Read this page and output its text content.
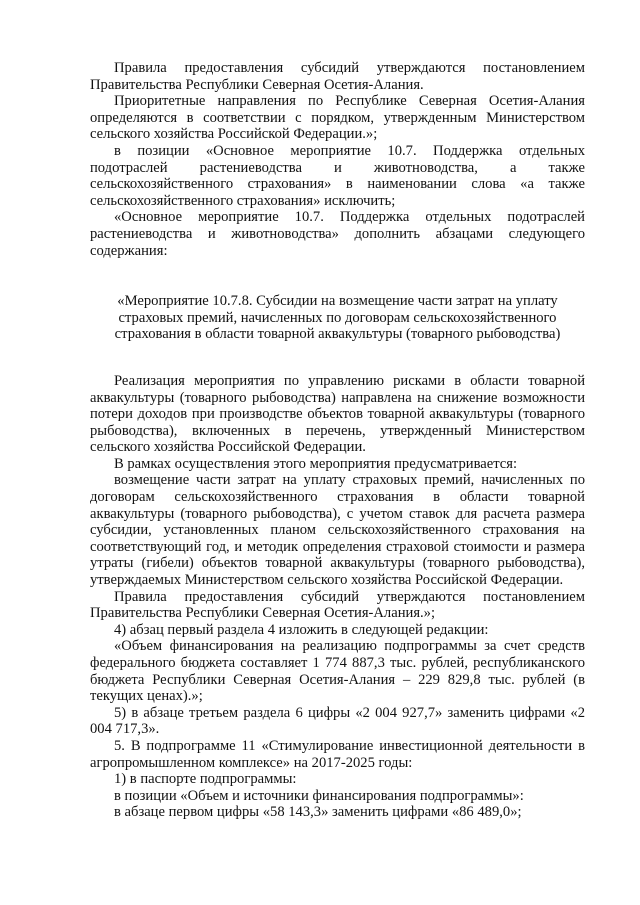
Правила предоставления субсидий утверждаются постановлением Правительства Республики Северная Осетия-Алания.

Приоритетные направления по Республике Северная Осетия-Алания определяются в соответствии с порядком, утвержденным Министерством сельского хозяйства Российской Федерации.»;

в позиции «Основное мероприятие 10.7. Поддержка отдельных подотраслей растениеводства и животноводства, а также сельскохозяйственного страхования» в наименовании слова «а также сельскохозяйственного страхования» исключить;

«Основное мероприятие 10.7. Поддержка отдельных подотраслей растениеводства и животноводства» дополнить абзацами следующего содержания:

«Мероприятие 10.7.8. Субсидии на возмещение части затрат на уплату страховых премий, начисленных по договорам сельскохозяйственного страхования в области товарной аквакультуры (товарного рыбоводства)

Реализация мероприятия по управлению рисками в области товарной аквакультуры (товарного рыбоводства) направлена на снижение возможности потери доходов при производстве объектов товарной аквакультуры (товарного рыбоводства), включенных в перечень, утвержденный Министерством сельского хозяйства Российской Федерации.

В рамках осуществления этого мероприятия предусматривается:

возмещение части затрат на уплату страховых премий, начисленных по договорам сельскохозяйственного страхования в области товарной аквакультуры (товарного рыбоводства), с учетом ставок для расчета размера субсидии, установленных планом сельскохозяйственного страхования на соответствующий год, и методик определения страховой стоимости и размера утраты (гибели) объектов товарной аквакультуры (товарного рыбоводства), утверждаемых Министерством сельского хозяйства Российской Федерации.

Правила предоставления субсидий утверждаются постановлением Правительства Республики Северная Осетия-Алания.»;

4) абзац первый раздела 4 изложить в следующей редакции:

«Объем финансирования на реализацию подпрограммы за счет средств федерального бюджета составляет 1 774 887,3 тыс. рублей, республиканского бюджета Республики Северная Осетия-Алания – 229 829,8 тыс. рублей (в текущих ценах).»;

5) в абзаце третьем раздела 6 цифры «2 004 927,7» заменить цифрами «2 004 717,3».

5. В подпрограмме 11 «Стимулирование инвестиционной деятельности в агропромышленном комплексе» на 2017-2025 годы:

1) в паспорте подпрограммы:

в позиции «Объем и источники финансирования подпрограммы»:

в абзаце первом цифры «58 143,3» заменить цифрами «86 489,0»;
